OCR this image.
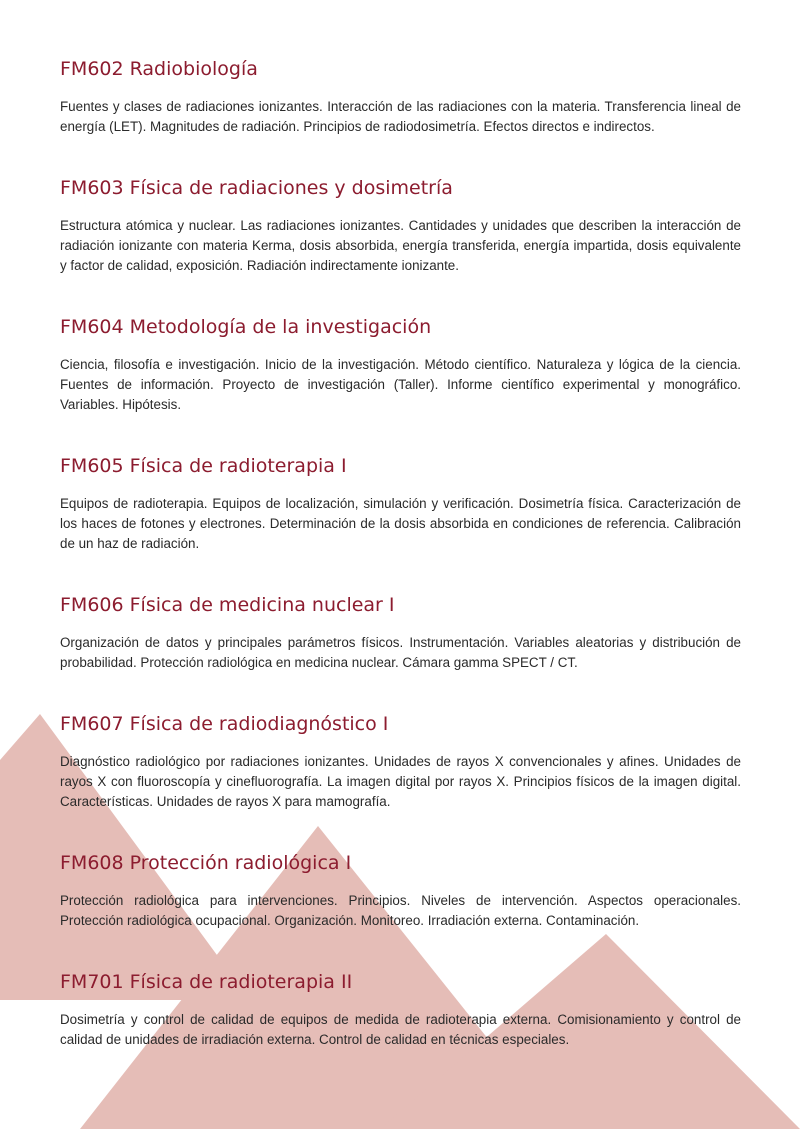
FM602 Radiobiología

Fuentes y clases de radiaciones ionizantes. Interacción de las radiaciones con la materia. Transferencia lineal de energía (LET). Magnitudes de radiación. Principios de radiodosimetría. Efectos directos e indirectos.

FM603 Física de radiaciones y dosimetría

Estructura atómica y nuclear. Las radiaciones ionizantes. Cantidades y unidades que describen la interacción de radiación ionizante con materia Kerma, dosis absorbida, energía transferida, energía impartida, dosis equivalente y factor de calidad, exposición. Radiación indirectamente ionizante.

FM604 Metodología de la investigación

Ciencia, filosofía e investigación. Inicio de la investigación. Método científico. Naturaleza y lógica de la ciencia. Fuentes de información. Proyecto de investigación (Taller). Informe científico experimental y monográfico. Variables. Hipótesis.

FM605 Física de radioterapia I

Equipos de radioterapia. Equipos de localización, simulación y verificación. Dosimetría física. Caracterización de los haces de fotones y electrones. Determinación de la dosis absorbida en condiciones de referencia. Calibración de un haz de radiación.

FM606 Física de medicina nuclear I

Organización de datos y principales parámetros físicos. Instrumentación. Variables aleatorias y distribución de probabilidad. Protección radiológica en medicina nuclear. Cámara gamma SPECT / CT.

FM607 Física de radiodiagnóstico I

Diagnóstico radiológico por radiaciones ionizantes. Unidades de rayos X convencionales y afines. Unidades de rayos X con fluoroscopía y cinefluorografía. La imagen digital por rayos X. Principios físicos de la imagen digital. Características. Unidades de rayos X para mamografía.

FM608 Protección radiológica I

Protección radiológica para intervenciones. Principios. Niveles de intervención. Aspectos operacionales. Protección radiológica ocupacional. Organización. Monitoreo. Irradiación externa. Contaminación.

FM701 Física de radioterapia II

Dosimetría y control de calidad de equipos de medida de radioterapia externa. Comisionamiento y control de calidad de unidades de irradiación externa. Control de calidad en técnicas especiales.
